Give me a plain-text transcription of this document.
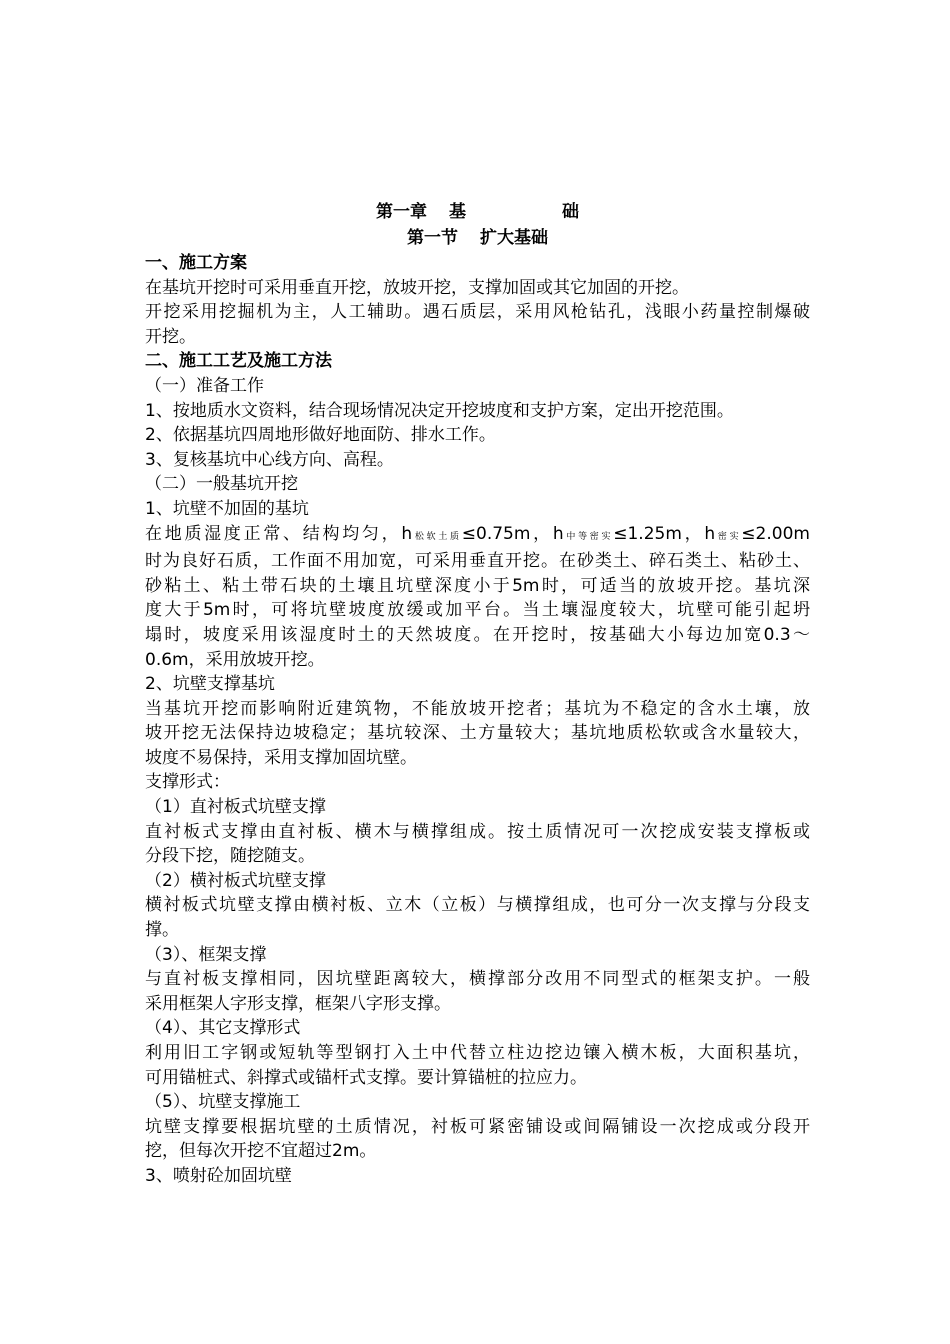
第一章 基	础
第一节 扩大基础
一、施工方案
在基坑开挖时可采用垂直开挖，放坡开挖，支撑加固或其它加固的开挖。
开挖采用挖掘机为主，人工辅助。遇石质层，采用风枪钻孔，浅眼小药量控制爆破
开挖。
二、施工工艺及施工方法
（一）准备工作
1、按地质水文资料，结合现场情况决定开挖坡度和支护方案，定出开挖范围。
2、依据基坑四周地形做好地面防、排水工作。
3、复核基坑中心线方向、高程。
（二）一般基坑开挖
1、坑壁不加固的基坑
在地质湿度正常、结构均匀，h松软土质≤0.75m，h中等密实≤1.25m，h密实≤2.00m
时为良好石质，工作面不用加宽，可采用垂直开挖。在砂类土、碎石类土、粘砂土、
砂粘土、粘土带石块的土壤且坑壁深度小于5m时，可适当的放坡开挖。基坑深
度大于5m时，可将坑壁坡度放缓或加平台。当土壤湿度较大，坑壁可能引起坍
塌时，坡度采用该湿度时土的天然坡度。在开挖时，按基础大小每边加宽0.3～
0.6m，采用放坡开挖。
2、坑壁支撑基坑
当基坑开挖而影响附近建筑物，不能放坡开挖者；基坑为不稳定的含水土壤，放
坡开挖无法保持边坡稳定；基坑较深、土方量较大；基坑地质松软或含水量较大，
坡度不易保持，采用支撑加固坑壁。
支撑形式：
（1）直衬板式坑壁支撑
直衬板式支撑由直衬板、横木与横撑组成。按土质情况可一次挖成安装支撑板或
分段下挖，随挖随支。
（2）横衬板式坑壁支撑
横衬板式坑壁支撑由横衬板、立木（立板）与横撑组成，也可分一次支撑与分段支
撑。
（3）、框架支撑
与直衬板支撑相同，因坑壁距离较大，横撑部分改用不同型式的框架支护。一般
采用框架人字形支撑，框架八字形支撑。
（4）、其它支撑形式
利用旧工字钢或短轨等型钢打入土中代替立柱边挖边镶入横木板，大面积基坑，
可用锚桩式、斜撑式或锚杆式支撑。要计算锚桩的拉应力。
（5）、坑壁支撑施工
坑壁支撑要根据坑壁的土质情况，衬板可紧密铺设或间隔铺设一次挖成或分段开
挖，但每次开挖不宜超过2m。
3、喷射砼加固坑壁
